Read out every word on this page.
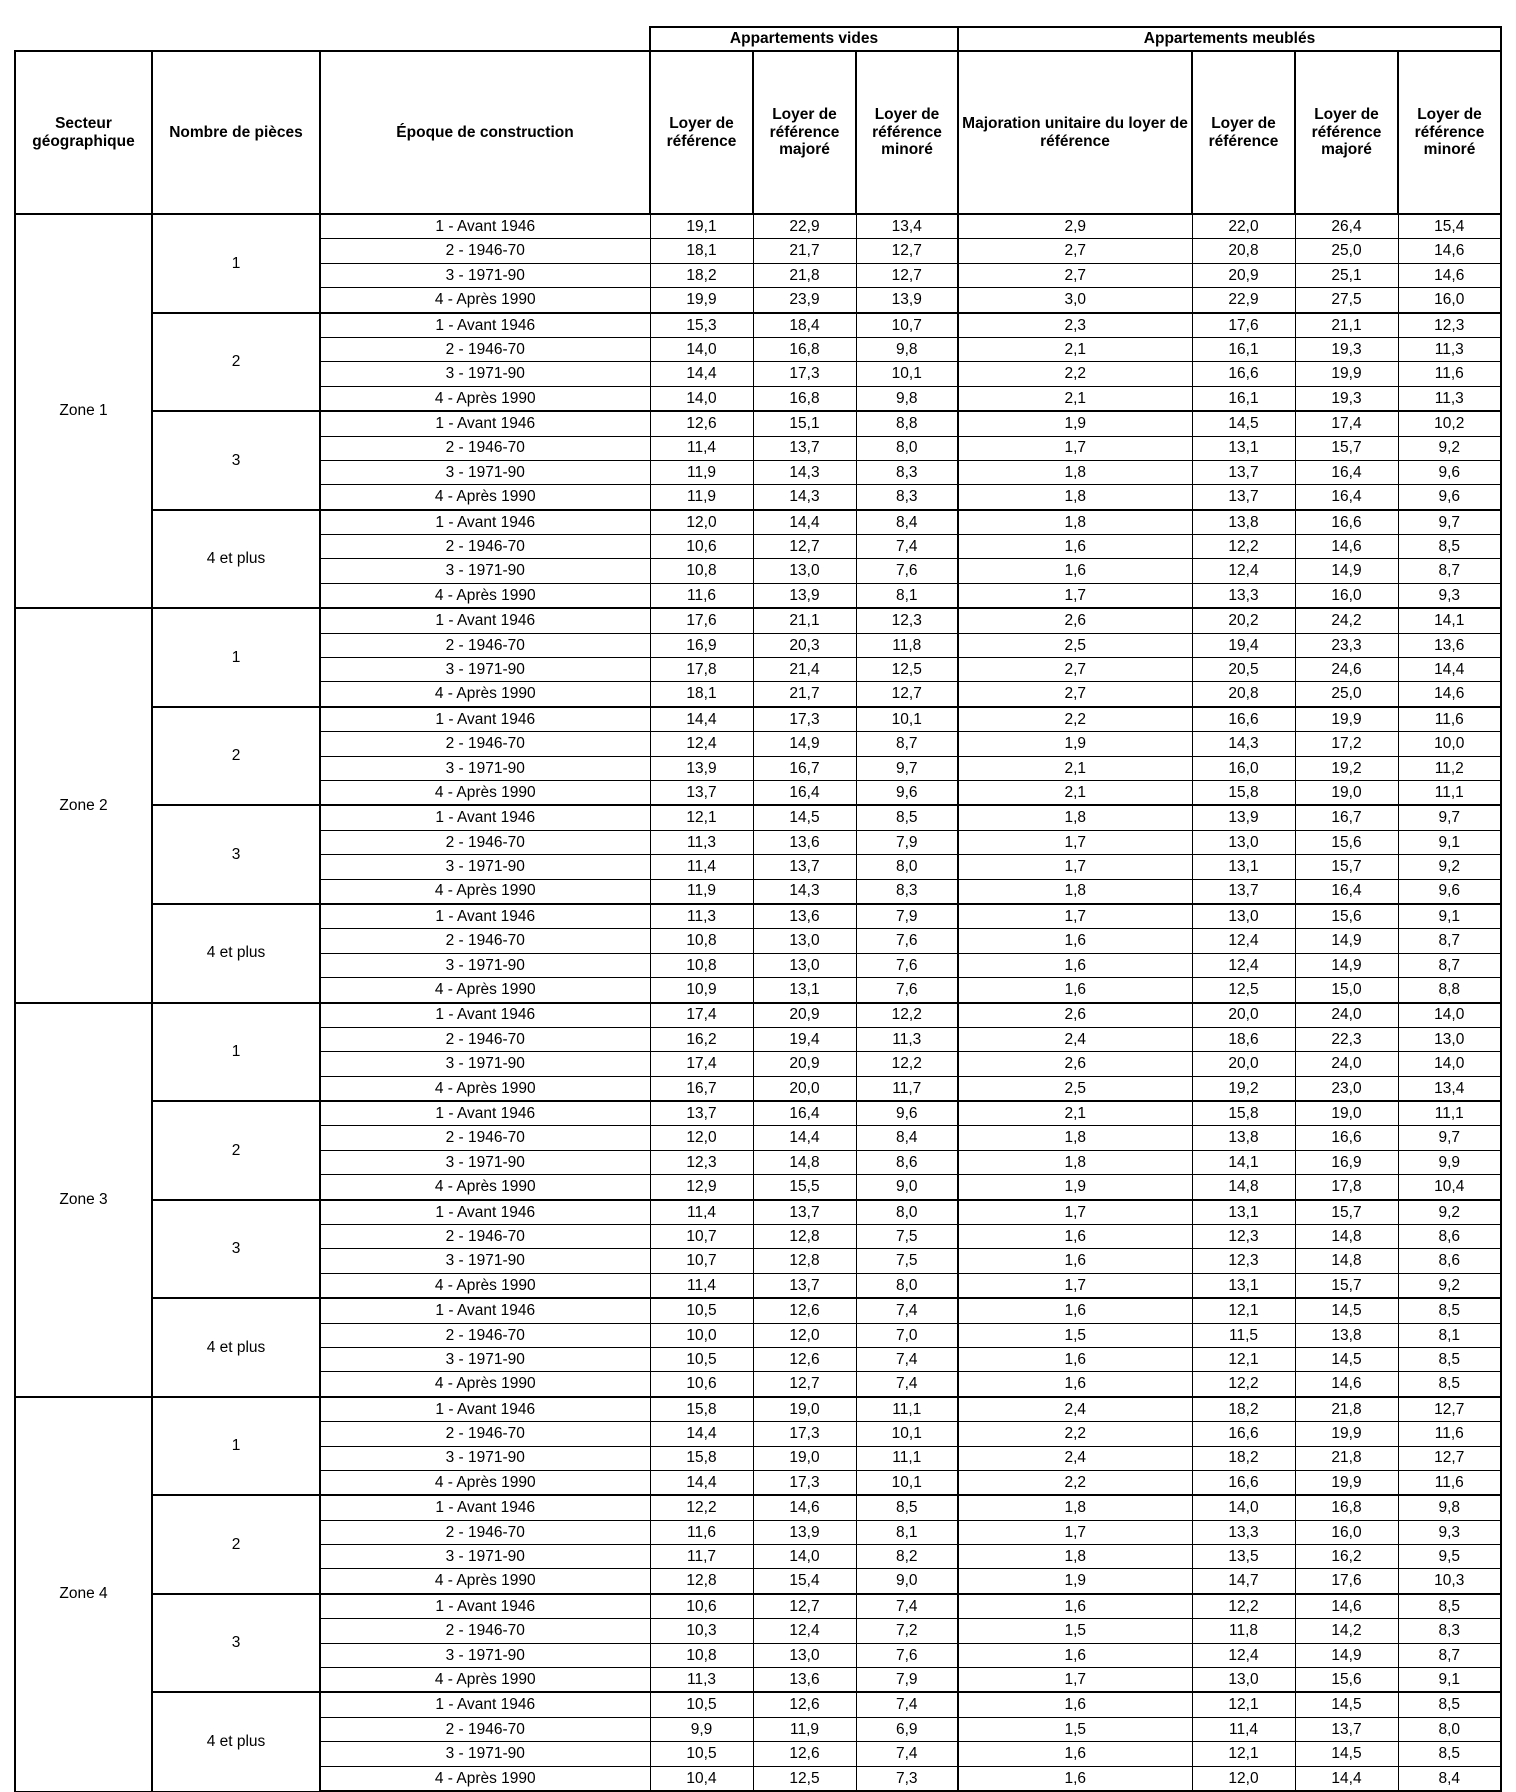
			Appartements vides			Appartements meublés			
Secteur géographique	Nombre de pièces	Époque de construction	Loyer de référence	Loyer de référence majoré	Loyer de référence minoré	Majoration unitaire du loyer de référence	Loyer de référence	Loyer de référence majoré	Loyer de référence minoré
Zone 1	1	1 - Avant 1946	19,1	22,9	13,4	2,9	22,0	26,4	15,4
		2 - 1946-70	18,1	21,7	12,7	2,7	20,8	25,0	14,6
		3 - 1971-90	18,2	21,8	12,7	2,7	20,9	25,1	14,6
		4 - Après 1990	19,9	23,9	13,9	3,0	22,9	27,5	16,0
	2	1 - Avant 1946	15,3	18,4	10,7	2,3	17,6	21,1	12,3
		2 - 1946-70	14,0	16,8	9,8	2,1	16,1	19,3	11,3
		3 - 1971-90	14,4	17,3	10,1	2,2	16,6	19,9	11,6
		4 - Après 1990	14,0	16,8	9,8	2,1	16,1	19,3	11,3
	3	1 - Avant 1946	12,6	15,1	8,8	1,9	14,5	17,4	10,2
		2 - 1946-70	11,4	13,7	8,0	1,7	13,1	15,7	9,2
		3 - 1971-90	11,9	14,3	8,3	1,8	13,7	16,4	9,6
		4 - Après 1990	11,9	14,3	8,3	1,8	13,7	16,4	9,6
	4 et plus	1 - Avant 1946	12,0	14,4	8,4	1,8	13,8	16,6	9,7
		2 - 1946-70	10,6	12,7	7,4	1,6	12,2	14,6	8,5
		3 - 1971-90	10,8	13,0	7,6	1,6	12,4	14,9	8,7
		4 - Après 1990	11,6	13,9	8,1	1,7	13,3	16,0	9,3
Zone 2	1	1 - Avant 1946	17,6	21,1	12,3	2,6	20,2	24,2	14,1
		2 - 1946-70	16,9	20,3	11,8	2,5	19,4	23,3	13,6
		3 - 1971-90	17,8	21,4	12,5	2,7	20,5	24,6	14,4
		4 - Après 1990	18,1	21,7	12,7	2,7	20,8	25,0	14,6
	2	1 - Avant 1946	14,4	17,3	10,1	2,2	16,6	19,9	11,6
		2 - 1946-70	12,4	14,9	8,7	1,9	14,3	17,2	10,0
		3 - 1971-90	13,9	16,7	9,7	2,1	16,0	19,2	11,2
		4 - Après 1990	13,7	16,4	9,6	2,1	15,8	19,0	11,1
	3	1 - Avant 1946	12,1	14,5	8,5	1,8	13,9	16,7	9,7
		2 - 1946-70	11,3	13,6	7,9	1,7	13,0	15,6	9,1
		3 - 1971-90	11,4	13,7	8,0	1,7	13,1	15,7	9,2
		4 - Après 1990	11,9	14,3	8,3	1,8	13,7	16,4	9,6
	4 et plus	1 - Avant 1946	11,3	13,6	7,9	1,7	13,0	15,6	9,1
		2 - 1946-70	10,8	13,0	7,6	1,6	12,4	14,9	8,7
		3 - 1971-90	10,8	13,0	7,6	1,6	12,4	14,9	8,7
		4 - Après 1990	10,9	13,1	7,6	1,6	12,5	15,0	8,8
Zone 3	1	1 - Avant 1946	17,4	20,9	12,2	2,6	20,0	24,0	14,0
		2 - 1946-70	16,2	19,4	11,3	2,4	18,6	22,3	13,0
		3 - 1971-90	17,4	20,9	12,2	2,6	20,0	24,0	14,0
		4 - Après 1990	16,7	20,0	11,7	2,5	19,2	23,0	13,4
	2	1 - Avant 1946	13,7	16,4	9,6	2,1	15,8	19,0	11,1
		2 - 1946-70	12,0	14,4	8,4	1,8	13,8	16,6	9,7
		3 - 1971-90	12,3	14,8	8,6	1,8	14,1	16,9	9,9
		4 - Après 1990	12,9	15,5	9,0	1,9	14,8	17,8	10,4
	3	1 - Avant 1946	11,4	13,7	8,0	1,7	13,1	15,7	9,2
		2 - 1946-70	10,7	12,8	7,5	1,6	12,3	14,8	8,6
		3 - 1971-90	10,7	12,8	7,5	1,6	12,3	14,8	8,6
		4 - Après 1990	11,4	13,7	8,0	1,7	13,1	15,7	9,2
	4 et plus	1 - Avant 1946	10,5	12,6	7,4	1,6	12,1	14,5	8,5
		2 - 1946-70	10,0	12,0	7,0	1,5	11,5	13,8	8,1
		3 - 1971-90	10,5	12,6	7,4	1,6	12,1	14,5	8,5
		4 - Après 1990	10,6	12,7	7,4	1,6	12,2	14,6	8,5
Zone 4	1	1 - Avant 1946	15,8	19,0	11,1	2,4	18,2	21,8	12,7
		2 - 1946-70	14,4	17,3	10,1	2,2	16,6	19,9	11,6
		3 - 1971-90	15,8	19,0	11,1	2,4	18,2	21,8	12,7
		4 - Après 1990	14,4	17,3	10,1	2,2	16,6	19,9	11,6
	2	1 - Avant 1946	12,2	14,6	8,5	1,8	14,0	16,8	9,8
		2 - 1946-70	11,6	13,9	8,1	1,7	13,3	16,0	9,3
		3 - 1971-90	11,7	14,0	8,2	1,8	13,5	16,2	9,5
		4 - Après 1990	12,8	15,4	9,0	1,9	14,7	17,6	10,3
	3	1 - Avant 1946	10,6	12,7	7,4	1,6	12,2	14,6	8,5
		2 - 1946-70	10,3	12,4	7,2	1,5	11,8	14,2	8,3
		3 - 1971-90	10,8	13,0	7,6	1,6	12,4	14,9	8,7
		4 - Après 1990	11,3	13,6	7,9	1,7	13,0	15,6	9,1
	4 et plus	1 - Avant 1946	10,5	12,6	7,4	1,6	12,1	14,5	8,5
		2 - 1946-70	9,9	11,9	6,9	1,5	11,4	13,7	8,0
		3 - 1971-90	10,5	12,6	7,4	1,6	12,1	14,5	8,5
		4 - Après 1990	10,4	12,5	7,3	1,6	12,0	14,4	8,4
